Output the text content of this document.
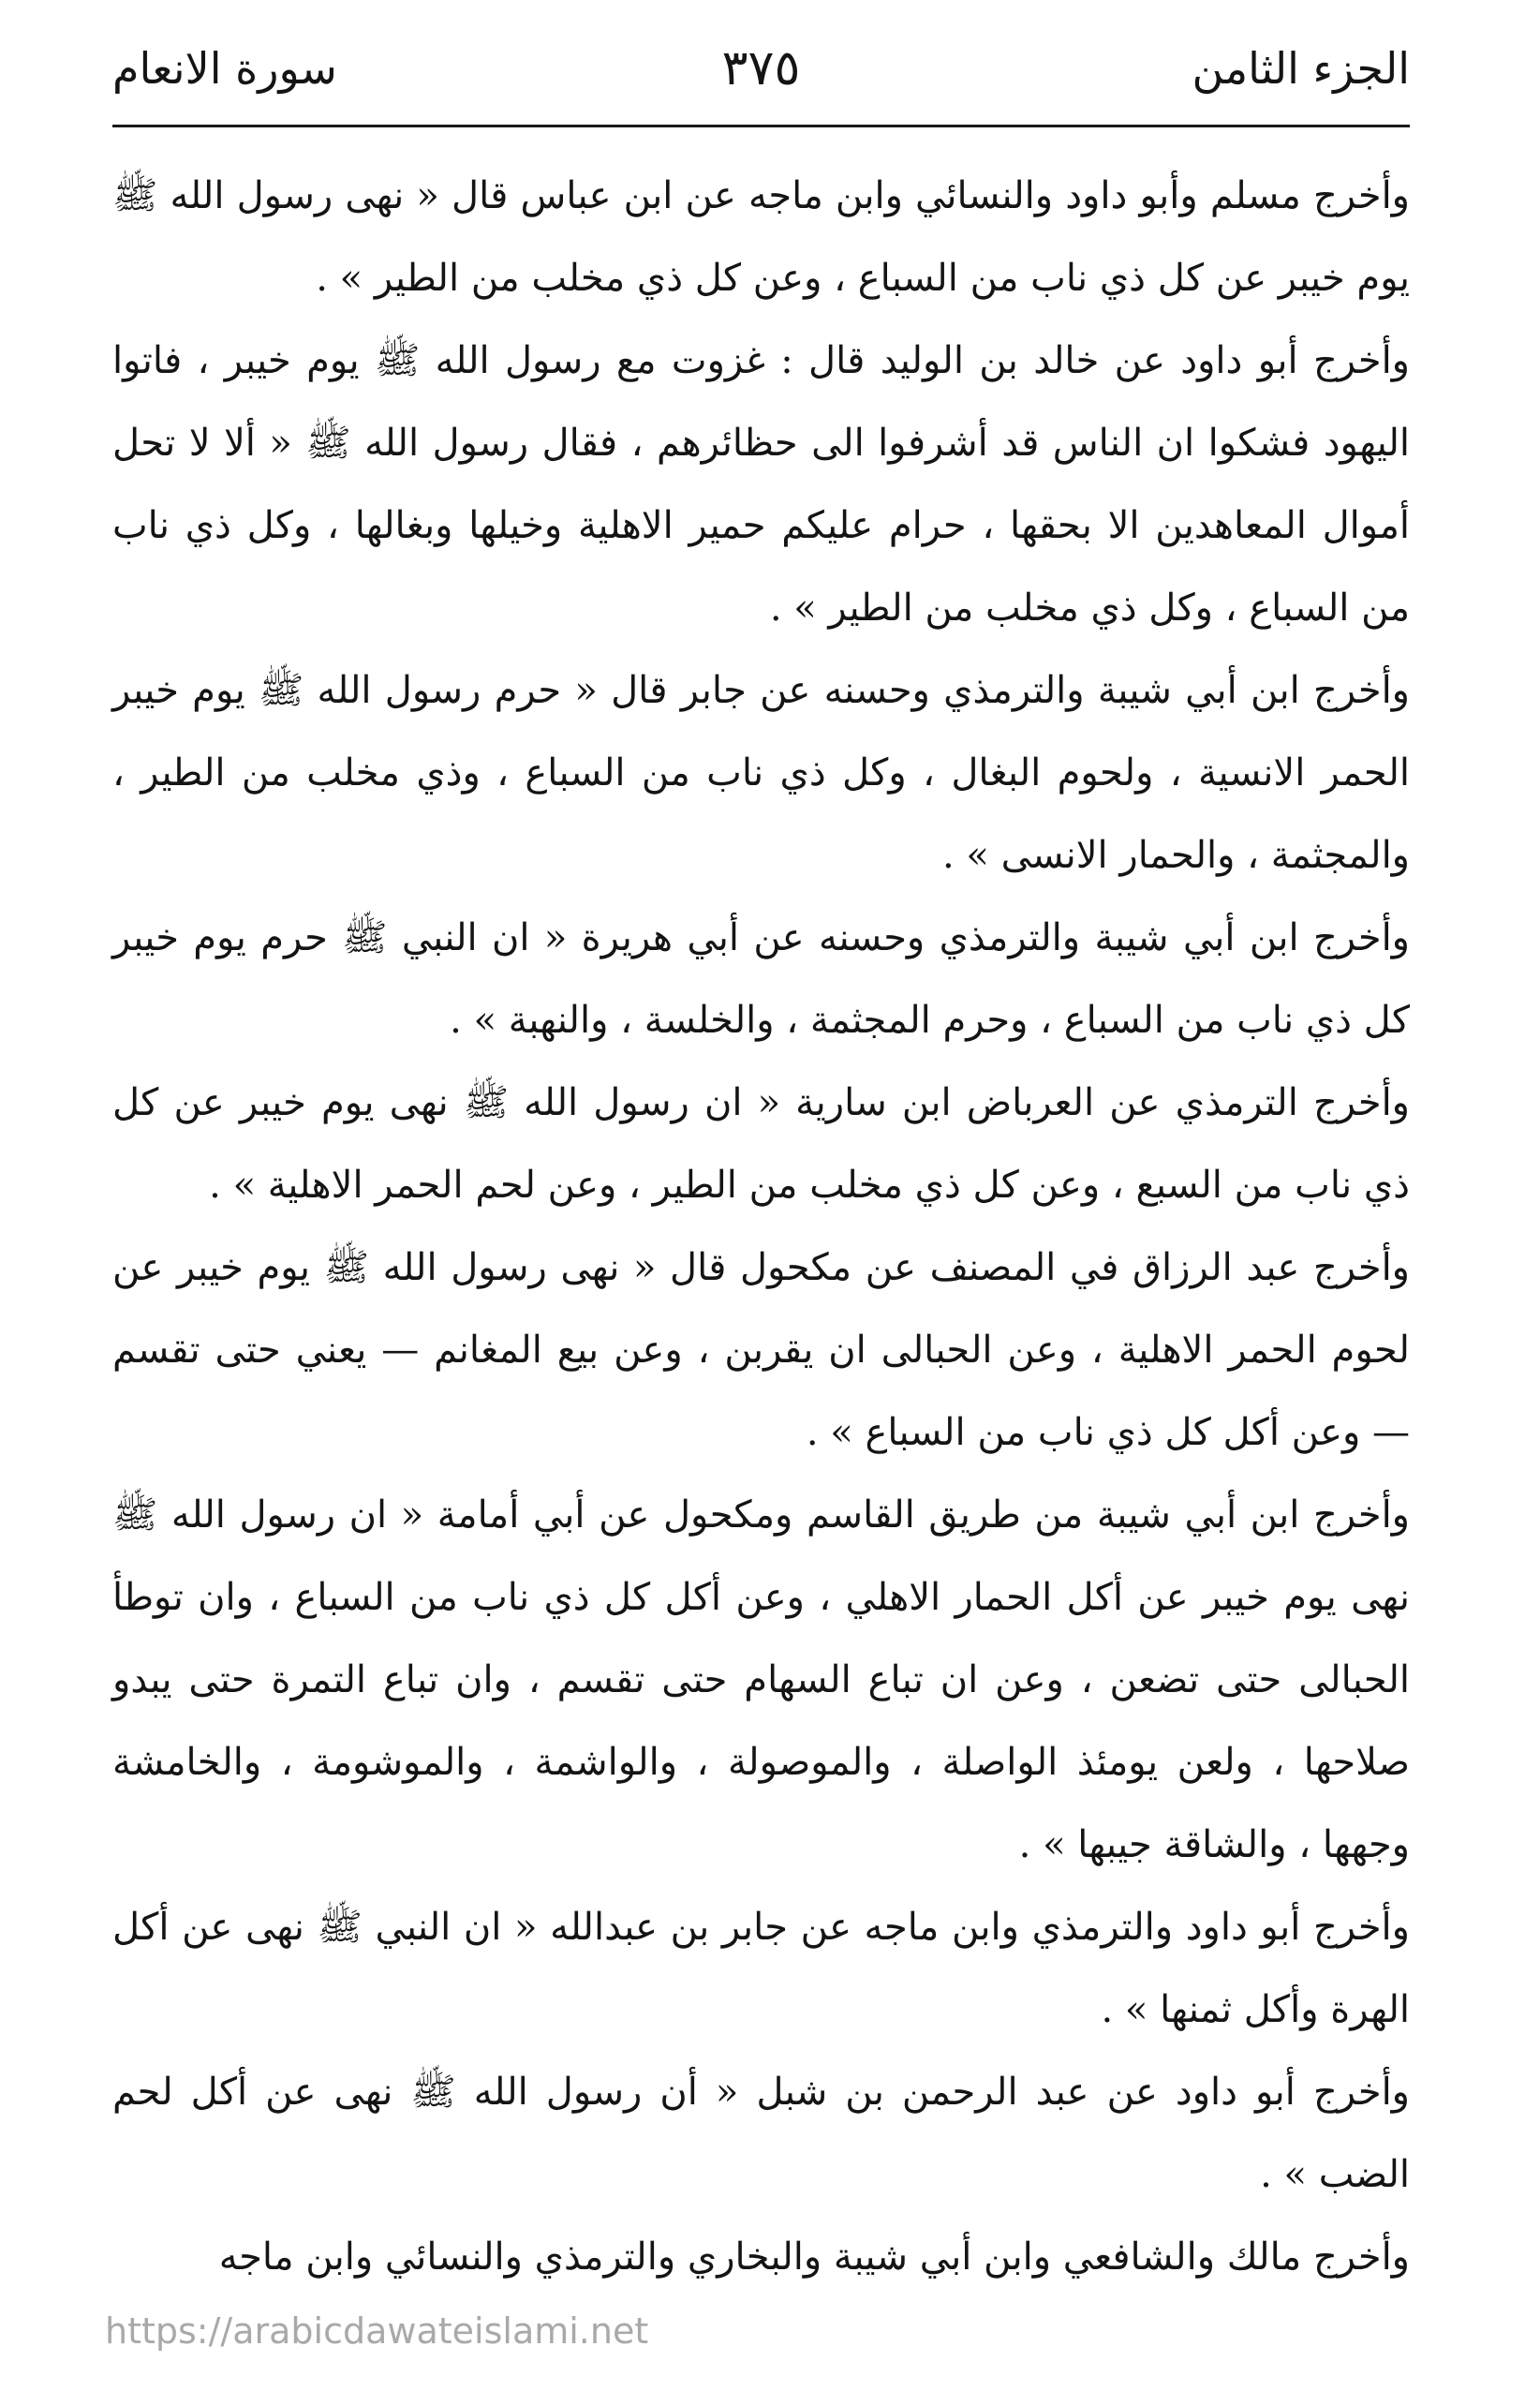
الجزء الثامن
٣٧٥
سورة الانعام

وأخرج مسلم وأبو داود والنسائي وابن ماجه عن ابن عباس قال « نهى رسول الله ﷺ يوم خيبر عن كل ذي ناب من السباع ، وعن كل ذي مخلب من الطير » .

وأخرج أبو داود عن خالد بن الوليد قال : غزوت مع رسول الله ﷺ يوم خيبر ، فاتوا اليهود فشكوا ان الناس قد أشرفوا الى حظائرهم ، فقال رسول الله ﷺ « ألا لا تحل أموال المعاهدين الا بحقها ، حرام عليكم حمير الاهلية وخيلها وبغالها ، وكل ذي ناب من السباع ، وكل ذي مخلب من الطير » .

وأخرج ابن أبي شيبة والترمذي وحسنه عن جابر قال « حرم رسول الله ﷺ يوم خيبر الحمر الانسية ، ولحوم البغال ، وكل ذي ناب من السباع ، وذي مخلب من الطير ، والمجثمة ، والحمار الانسى » .

وأخرج ابن أبي شيبة والترمذي وحسنه عن أبي هريرة « ان النبي ﷺ حرم يوم خيبر كل ذي ناب من السباع ، وحرم المجثمة ، والخلسة ، والنهبة » .

وأخرج الترمذي عن العرباض ابن سارية « ان رسول الله ﷺ نهى يوم خيبر عن كل ذي ناب من السبع ، وعن كل ذي مخلب من الطير ، وعن لحم الحمر الاهلية » .

وأخرج عبد الرزاق في المصنف عن مكحول قال « نهى رسول الله ﷺ يوم خيبر عن لحوم الحمر الاهلية ، وعن الحبالى ان يقربن ، وعن بيع المغانم — يعني حتى تقسم — وعن أكل كل ذي ناب من السباع » .

وأخرج ابن أبي شيبة من طريق القاسم ومكحول عن أبي أمامة « ان رسول الله ﷺ نهى يوم خيبر عن أكل الحمار الاهلي ، وعن أكل كل ذي ناب من السباع ، وان توطأ الحبالى حتى تضعن ، وعن ان تباع السهام حتى تقسم ، وان تباع التمرة حتى يبدو صلاحها ، ولعن يومئذ الواصلة ، والموصولة ، والواشمة ، والموشومة ، والخامشة وجهها ، والشاقة جيبها » .

وأخرج أبو داود والترمذي وابن ماجه عن جابر بن عبدالله « ان النبي ﷺ نهى عن أكل الهرة وأكل ثمنها » .

وأخرج أبو داود عن عبد الرحمن بن شبل « أن رسول الله ﷺ نهى عن أكل لحم الضب » .

وأخرج مالك والشافعي وابن أبي شيبة والبخاري والترمذي والنسائي وابن ماجه

https://arabicdawateislami.net
